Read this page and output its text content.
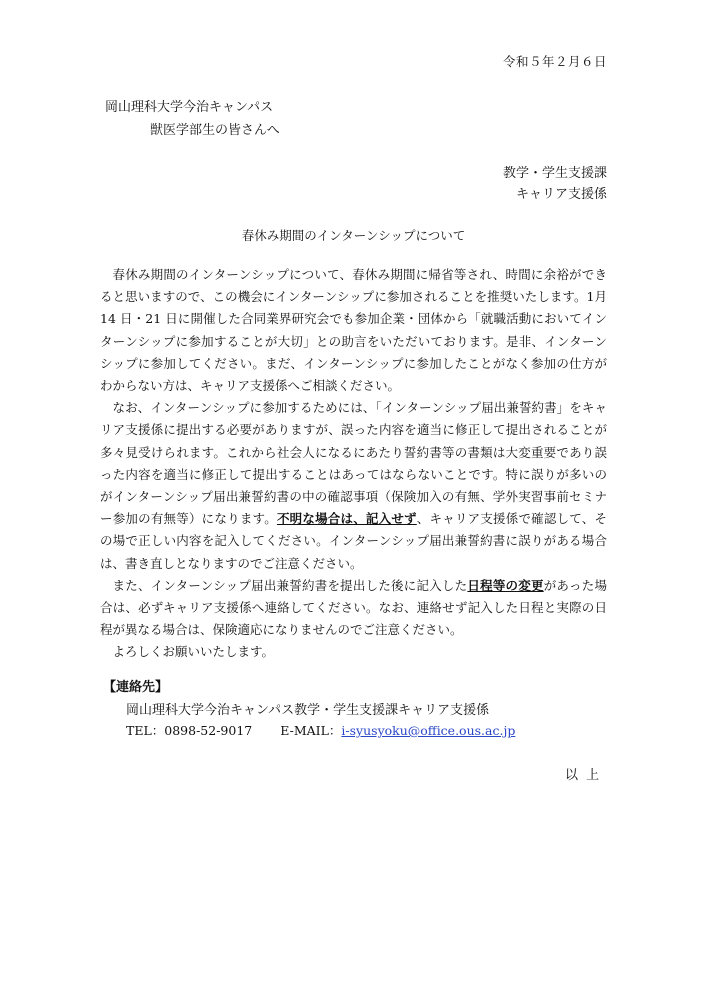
令和５年２月６日
岡山理科大学今治キャンパス
獣医学部生の皆さんへ
教学・学生支援課
キャリア支援係
春休み期間のインターンシップについて

春休み期間のインターンシップについて、春休み期間に帰省等され、時間に余裕ができると思いますので、この機会にインターンシップに参加されることを推奨いたします。1月 14 日・21 日に開催した合同業界研究会でも参加企業・団体から「就職活動においてインターンシップに参加することが大切」との助言をいただいております。是非、インターンシップに参加してください。まだ、インターンシップに参加したことがなく参加の仕方がわからない方は、キャリア支援係へご相談ください。

なお、インターンシップに参加するためには、「インターンシップ届出兼誓約書」をキャリア支援係に提出する必要がありますが、誤った内容を適当に修正して提出されることが多々見受けられます。これから社会人になるにあたり誓約書等の書類は大変重要であり誤った内容を適当に修正して提出することはあってはならないことです。特に誤りが多いのがインターンシップ届出兼誓約書の中の確認事項（保険加入の有無、学外実習事前セミナー参加の有無等）になります。不明な場合は、記入せず、キャリア支援係で確認して、その場で正しい内容を記入してください。インターンシップ届出兼誓約書に誤りがある場合は、書き直しとなりますのでご注意ください。

また、インターンシップ届出兼誓約書を提出した後に記入した日程等の変更があった場合は、必ずキャリア支援係へ連絡してください。なお、連絡せず記入した日程と実際の日程が異なる場合は、保険適応になりませんのでご注意ください。

よろしくお願いいたします。

【連絡先】
岡山理科大学今治キャンパス教学・学生支援課キャリア支援係
TEL：0898-52-9017 E-MAIL：i-syusyoku@office.ous.ac.jp
以上
